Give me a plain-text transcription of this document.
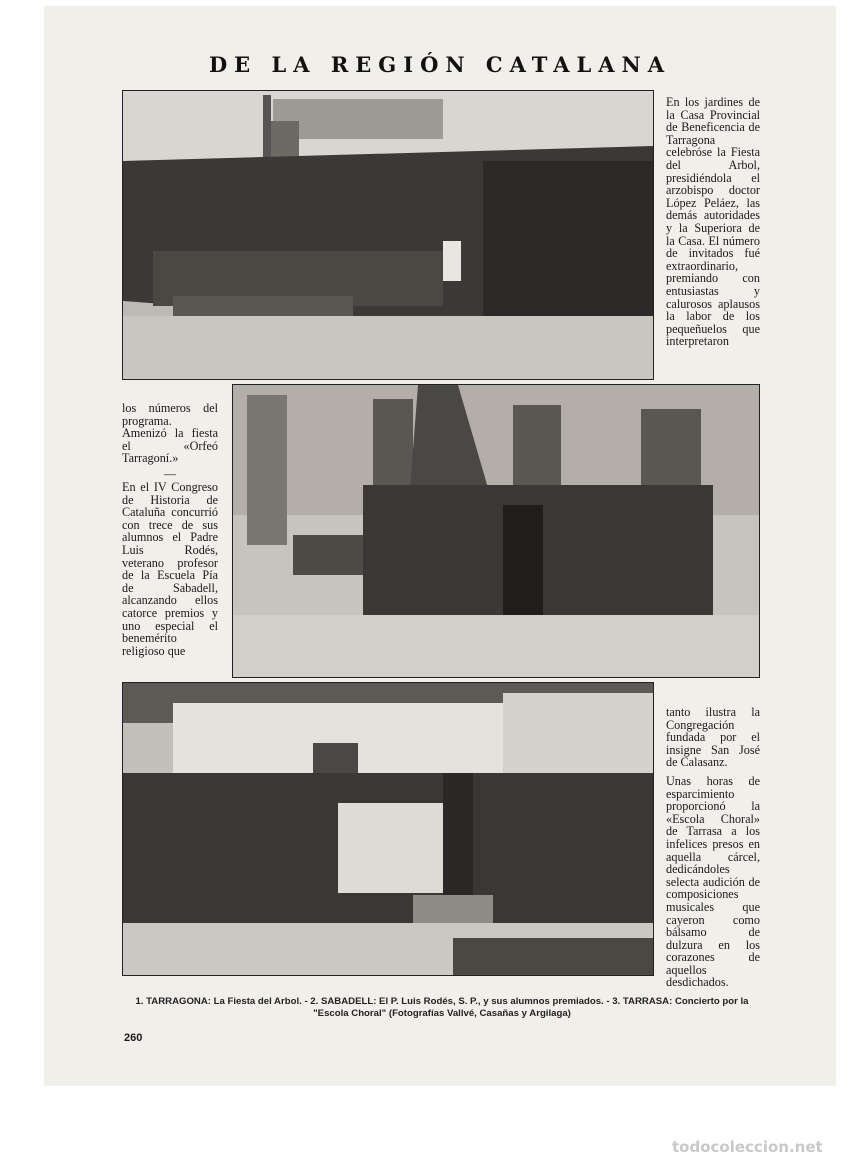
DE LA REGIÓN CATALANA

En los jardines de la Casa Provincial de Beneficencia de Tarragona celebróse la Fiesta del Arbol, presidiéndola el arzobispo doctor López Peláez, las demás autoridades y la Superiora de la Casa. El número de invitados fué extraordinario, premiando con entusiastas y calurosos aplausos la labor de los pequeñuelos que interpretaron

los números del programa. Amenizó la fiesta el «Orfeó Tarragoní.»

—

En el IV Congreso de Historia de Cataluña concurrió con trece de sus alumnos el Padre Luis Rodés, veterano profesor de la Escuela Pía de Sabadell, alcanzando ellos catorce premios y uno especial el benemérito religioso que

tanto ilustra la Congregación fundada por el insigne San José de Calasanz.

Unas horas de esparcimiento proporcionó la «Escola Choral» de Tarrasa a los infelices presos en aquella cárcel, dedicándoles selecta audición de composiciones musicales que cayeron como bálsamo de dulzura en los corazones de aquellos desdichados.

1. TARRAGONA: La Fiesta del Arbol. - 2. SABADELL: El P. Luis Rodés, S. P., y sus alumnos premiados. - 3. TARRASA: Concierto por la "Escola Choral" (Fotografías Vallvé, Casañas y Argilaga)
260
todocoleccion.net
